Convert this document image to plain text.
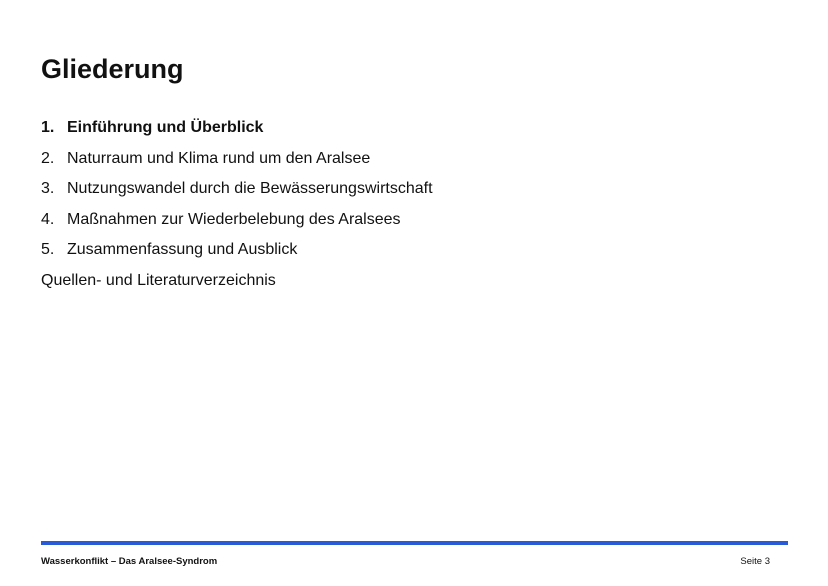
Gliederung
1. Einführung und Überblick
2. Naturraum und Klima rund um den Aralsee
3. Nutzungswandel durch die Bewässerungswirtschaft
4. Maßnahmen zur Wiederbelebung des Aralsees
5. Zusammenfassung und Ausblick
Quellen- und Literaturverzeichnis
Wasserkonflikt – Das Aralsee-Syndrom	Seite 3
